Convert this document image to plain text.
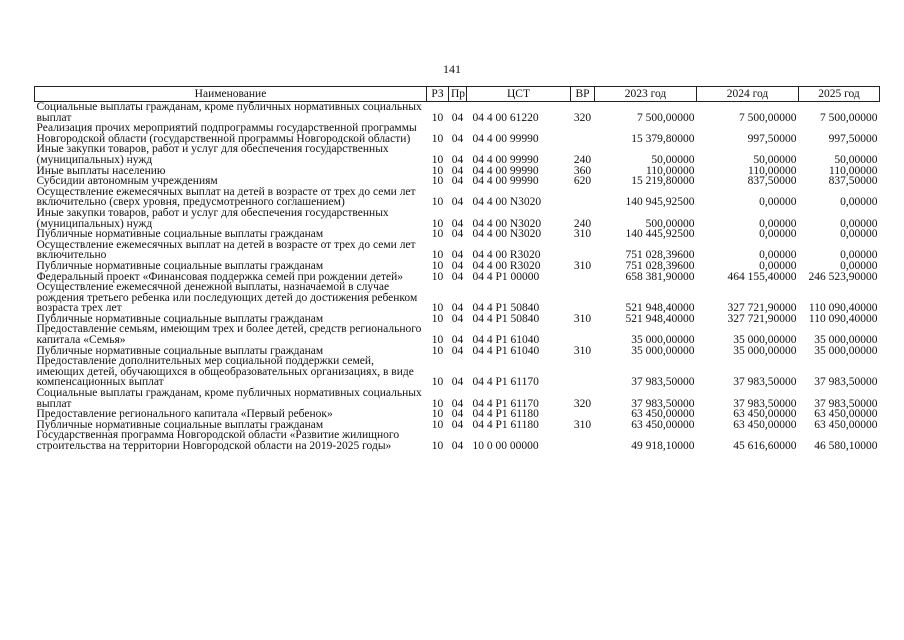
141
Наименование	РЗ	Пр	ЦСТ	ВР	2023 год	2024 год	2025 год
Социальные выплаты гражданам, кроме публичных нормативных социальных выплат	10	04	04 4 00 61220	320	7 500,00000	7 500,00000	7 500,00000
Реализация прочих мероприятий подпрограммы государственной программы Новгородской области (государственной программы Новгородской области)	10	04	04 4 00 99990		15 379,80000	997,50000	997,50000
Иные закупки товаров, работ и услуг для обеспечения государственных (муниципальных) нужд	10	04	04 4 00 99990	240	50,00000	50,00000	50,00000
Иные выплаты населению	10	04	04 4 00 99990	360	110,00000	110,00000	110,00000
Субсидии автономным учреждениям	10	04	04 4 00 99990	620	15 219,80000	837,50000	837,50000
Осуществление ежемесячных выплат на детей в возрасте от трех до семи лет включительно (сверх уровня, предусмотренного соглашением)	10	04	04 4 00 N3020		140 945,92500	0,00000	0,00000
Иные закупки товаров, работ и услуг для обеспечения государственных (муниципальных) нужд	10	04	04 4 00 N3020	240	500,00000	0,00000	0,00000
Публичные нормативные социальные выплаты гражданам	10	04	04 4 00 N3020	310	140 445,92500	0,00000	0,00000
Осуществление ежемесячных выплат на детей в возрасте от трех до семи лет включительно	10	04	04 4 00 R3020		751 028,39600	0,00000	0,00000
Публичные нормативные социальные выплаты гражданам	10	04	04 4 00 R3020	310	751 028,39600	0,00000	0,00000
Федеральный проект «Финансовая поддержка семей при рождении детей»	10	04	04 4 P1 00000		658 381,90000	464 155,40000	246 523,90000
Осуществление ежемесячной денежной выплаты, назначаемой в случае рождения третьего ребенка или последующих детей до достижения ребенком возраста трех лет	10	04	04 4 P1 50840		521 948,40000	327 721,90000	110 090,40000
Публичные нормативные социальные выплаты гражданам	10	04	04 4 P1 50840	310	521 948,40000	327 721,90000	110 090,40000
Предоставление семьям, имеющим трех и более детей, средств регионального капитала «Семья»	10	04	04 4 P1 61040		35 000,00000	35 000,00000	35 000,00000
Публичные нормативные социальные выплаты гражданам	10	04	04 4 P1 61040	310	35 000,00000	35 000,00000	35 000,00000
Предоставление дополнительных мер социальной поддержки семей, имеющих детей, обучающихся в общеобразовательных организациях, в виде компенсационных выплат	10	04	04 4 P1 61170		37 983,50000	37 983,50000	37 983,50000
Социальные выплаты гражданам, кроме публичных нормативных социальных выплат	10	04	04 4 P1 61170	320	37 983,50000	37 983,50000	37 983,50000
Предоставление регионального капитала «Первый ребенок»	10	04	04 4 P1 61180		63 450,00000	63 450,00000	63 450,00000
Публичные нормативные социальные выплаты гражданам	10	04	04 4 P1 61180	310	63 450,00000	63 450,00000	63 450,00000
Государственная программа Новгородской области «Развитие жилищного строительства на территории Новгородской области на 2019-2025 годы»	10	04	10 0 00 00000		49 918,10000	45 616,60000	46 580,10000
